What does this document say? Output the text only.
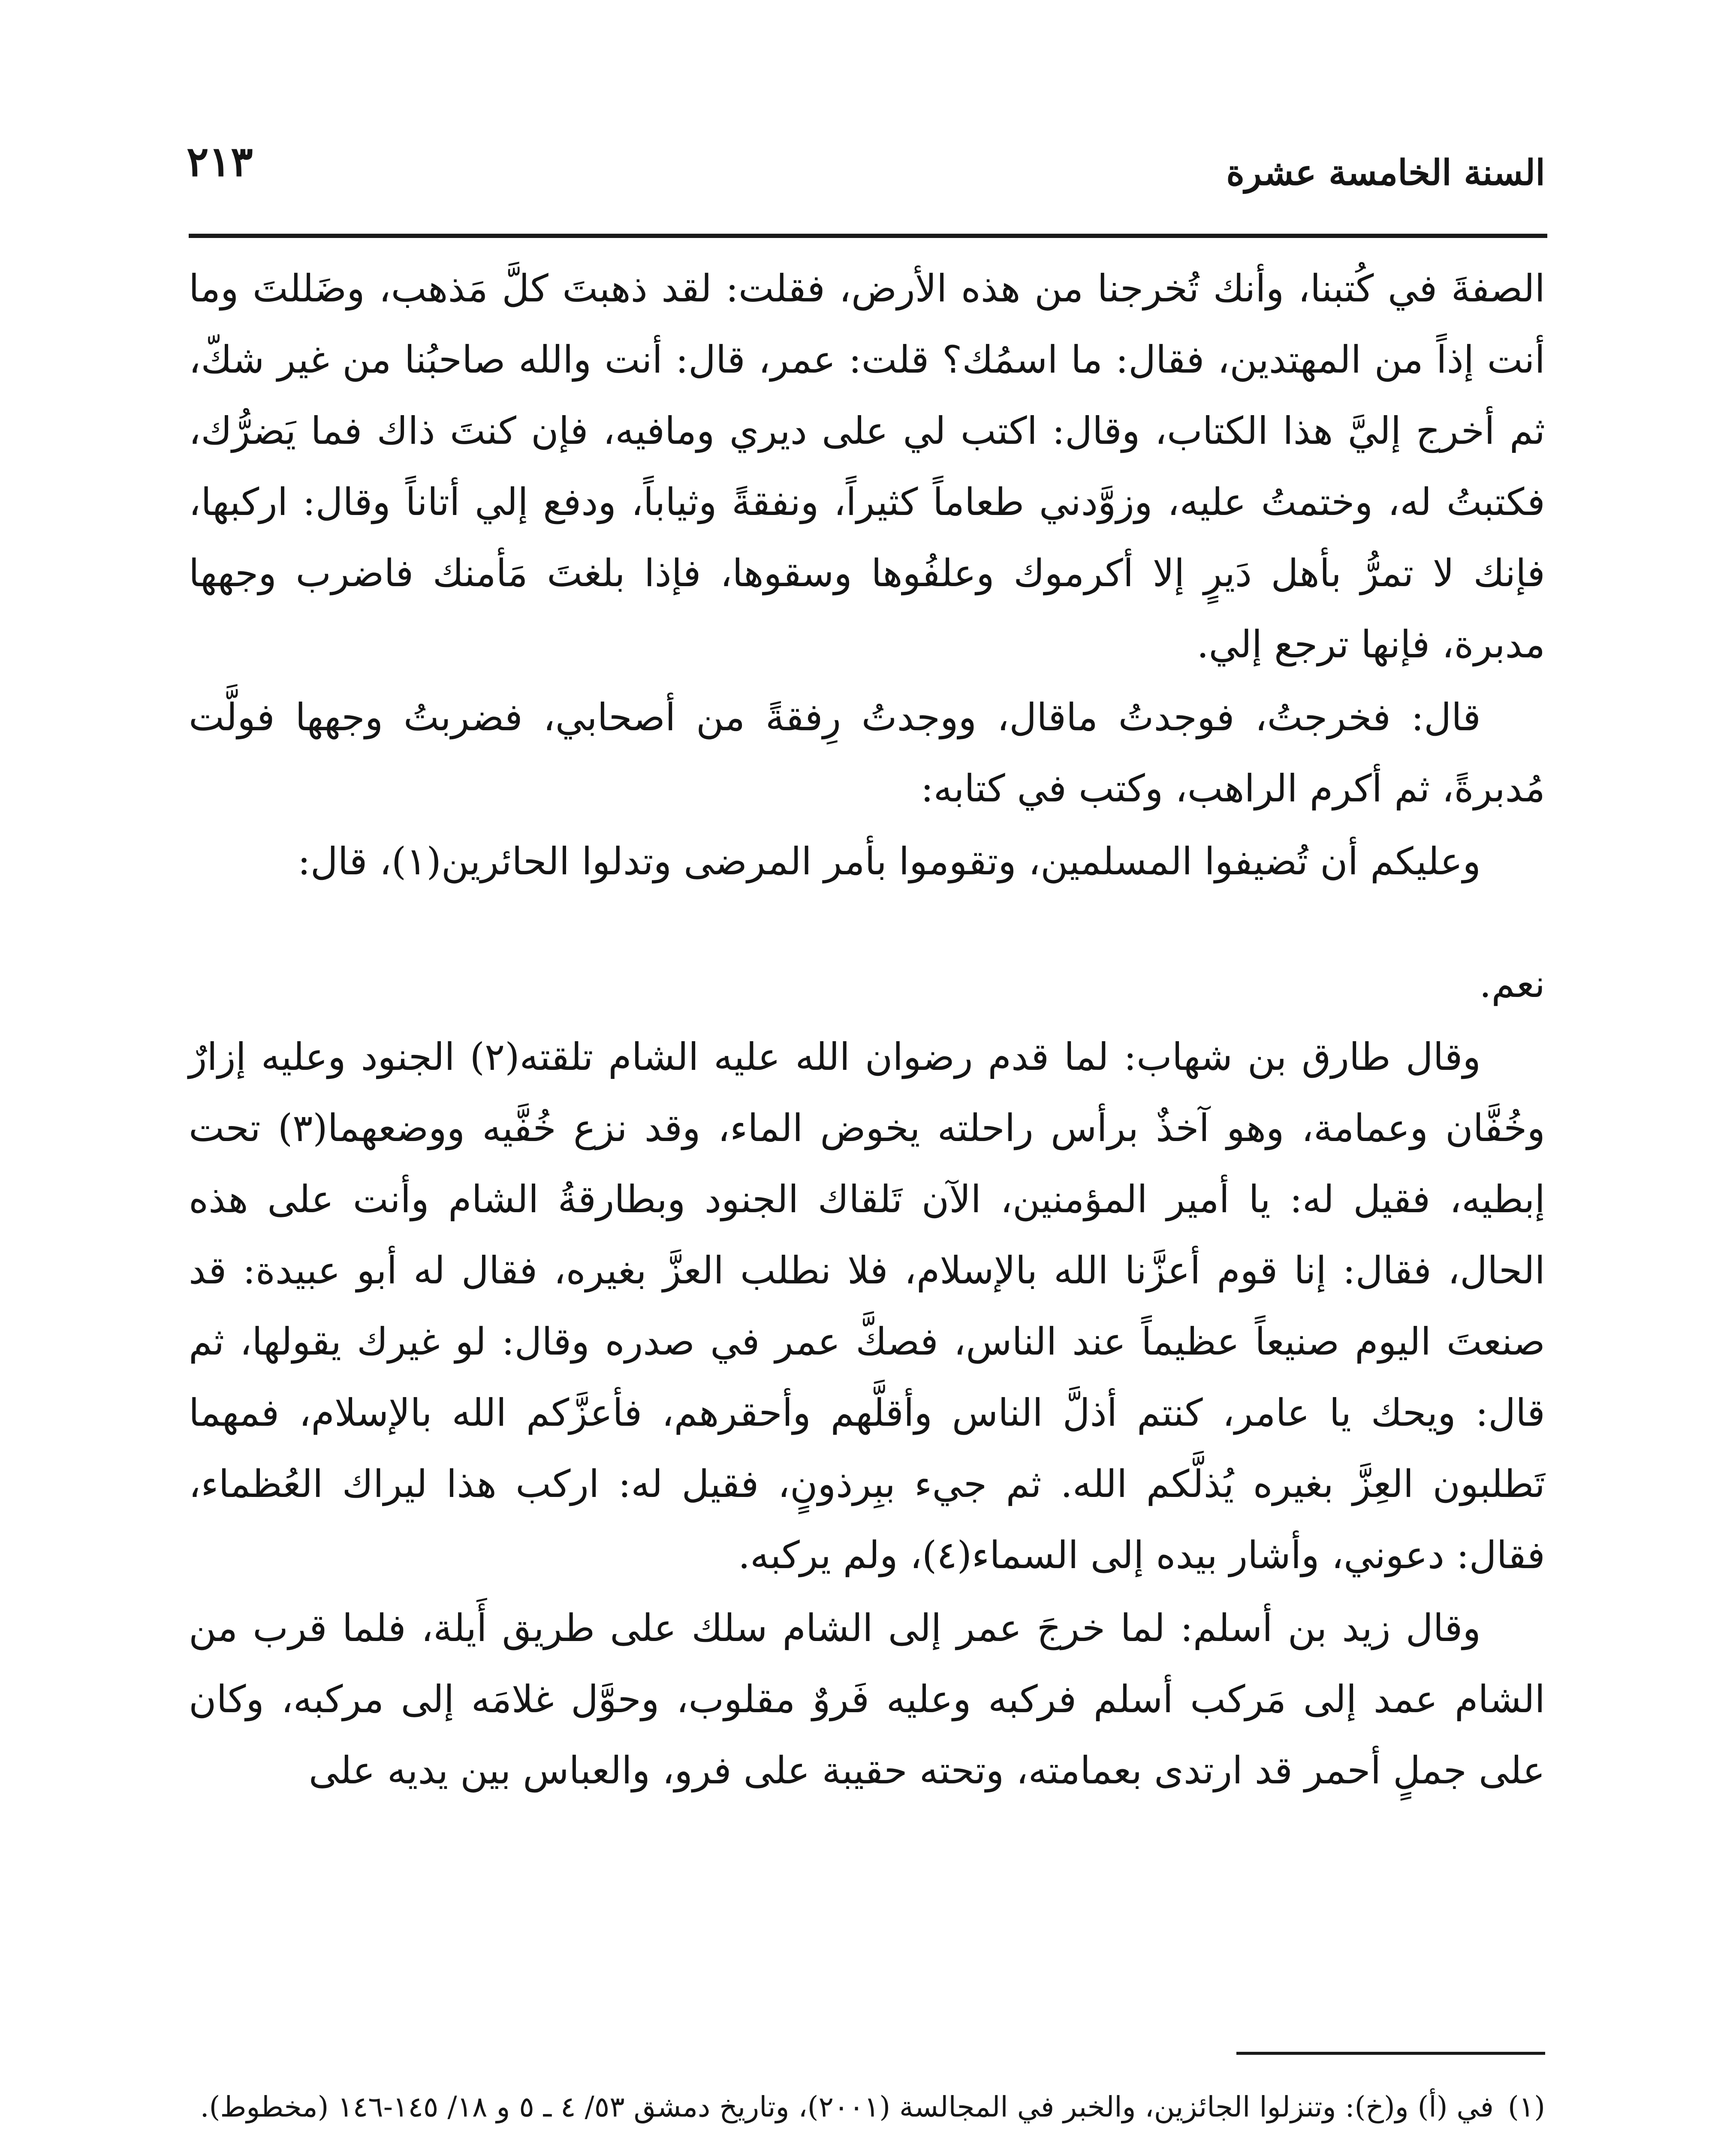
السنة الخامسة عشرة
٢١٣

الصفةَ في كُتبنا، وأنك تُخرجنا من هذه الأرض، فقلت: لقد ذهبتَ كلَّ مَذهب، وضَللتَ وما أنت إذاً من المهتدين، فقال: ما اسمُك؟ قلت: عمر، قال: أنت والله صاحبُنا من غير شكّ، ثم أخرج إليَّ هذا الكتاب، وقال: اكتب لي على ديري ومافيه، فإن كنتَ ذاك فما يَضرُّك، فكتبتُ له، وختمتُ عليه، وزوَّدني طعاماً كثيراً، ونفقةً وثياباً، ودفع إلي أتاناً وقال: اركبها، فإنك لا تمرُّ بأهل دَيرٍ إلا أكرموك وعلفُوها وسقوها، فإذا بلغتَ مَأمنك فاضرب وجهها مدبرة، فإنها ترجع إلي.

قال: فخرجتُ، فوجدتُ ماقال، ووجدتُ رِفقةً من أصحابي، فضربتُ وجهها فولَّت مُدبرةً، ثم أكرم الراهب، وكتب في كتابه:

وعليكم أن تُضيفوا المسلمين، وتقوموا بأمر المرضى وتدلوا الحائرين(١)، قال:

نعم.

وقال طارق بن شهاب: لما قدم رضوان الله عليه الشام تلقته(٢) الجنود وعليه إزارٌ وخُفَّان وعمامة، وهو آخذٌ برأس راحلته يخوض الماء، وقد نزع خُفَّيه ووضعهما(٣) تحت إبطيه، فقيل له: يا أمير المؤمنين، الآن تَلقاك الجنود وبطارقةُ الشام وأنت على هذه الحال، فقال: إنا قوم أعزَّنا الله بالإسلام، فلا نطلب العزَّ بغيره، فقال له أبو عبيدة: قد صنعتَ اليوم صنيعاً عظيماً عند الناس، فصكَّ عمر في صدره وقال: لو غيرك يقولها، ثم قال: ويحك يا عامر، كنتم أذلَّ الناس وأقلَّهم وأحقرهم، فأعزَّكم الله بالإسلام، فمهما تَطلبون العِزَّ بغيره يُذلَّكم الله. ثم جيء ببِرذونٍ، فقيل له: اركب هذا ليراك العُظماء، فقال: دعوني، وأشار بيده إلى السماء(٤)، ولم يركبه.

وقال زيد بن أسلم: لما خرجَ عمر إلى الشام سلك على طريق أَيلة، فلما قرب من الشام عمد إلى مَركب أسلم فركبه وعليه فَروٌ مقلوب، وحوَّل غلامَه إلى مركبه، وكان على جملٍ أحمر قد ارتدى بعمامته، وتحته حقيبة على فرو، والعباس بين يديه على

(١)
في (أ) و(خ): وتنزلوا الجائزين، والخبر في المجالسة (٢٠٠١)، وتاريخ دمشق ٥٣/ ٤ ـ ٥ و ١٨/ ١٤٥-١٤٦ (مخطوط).
